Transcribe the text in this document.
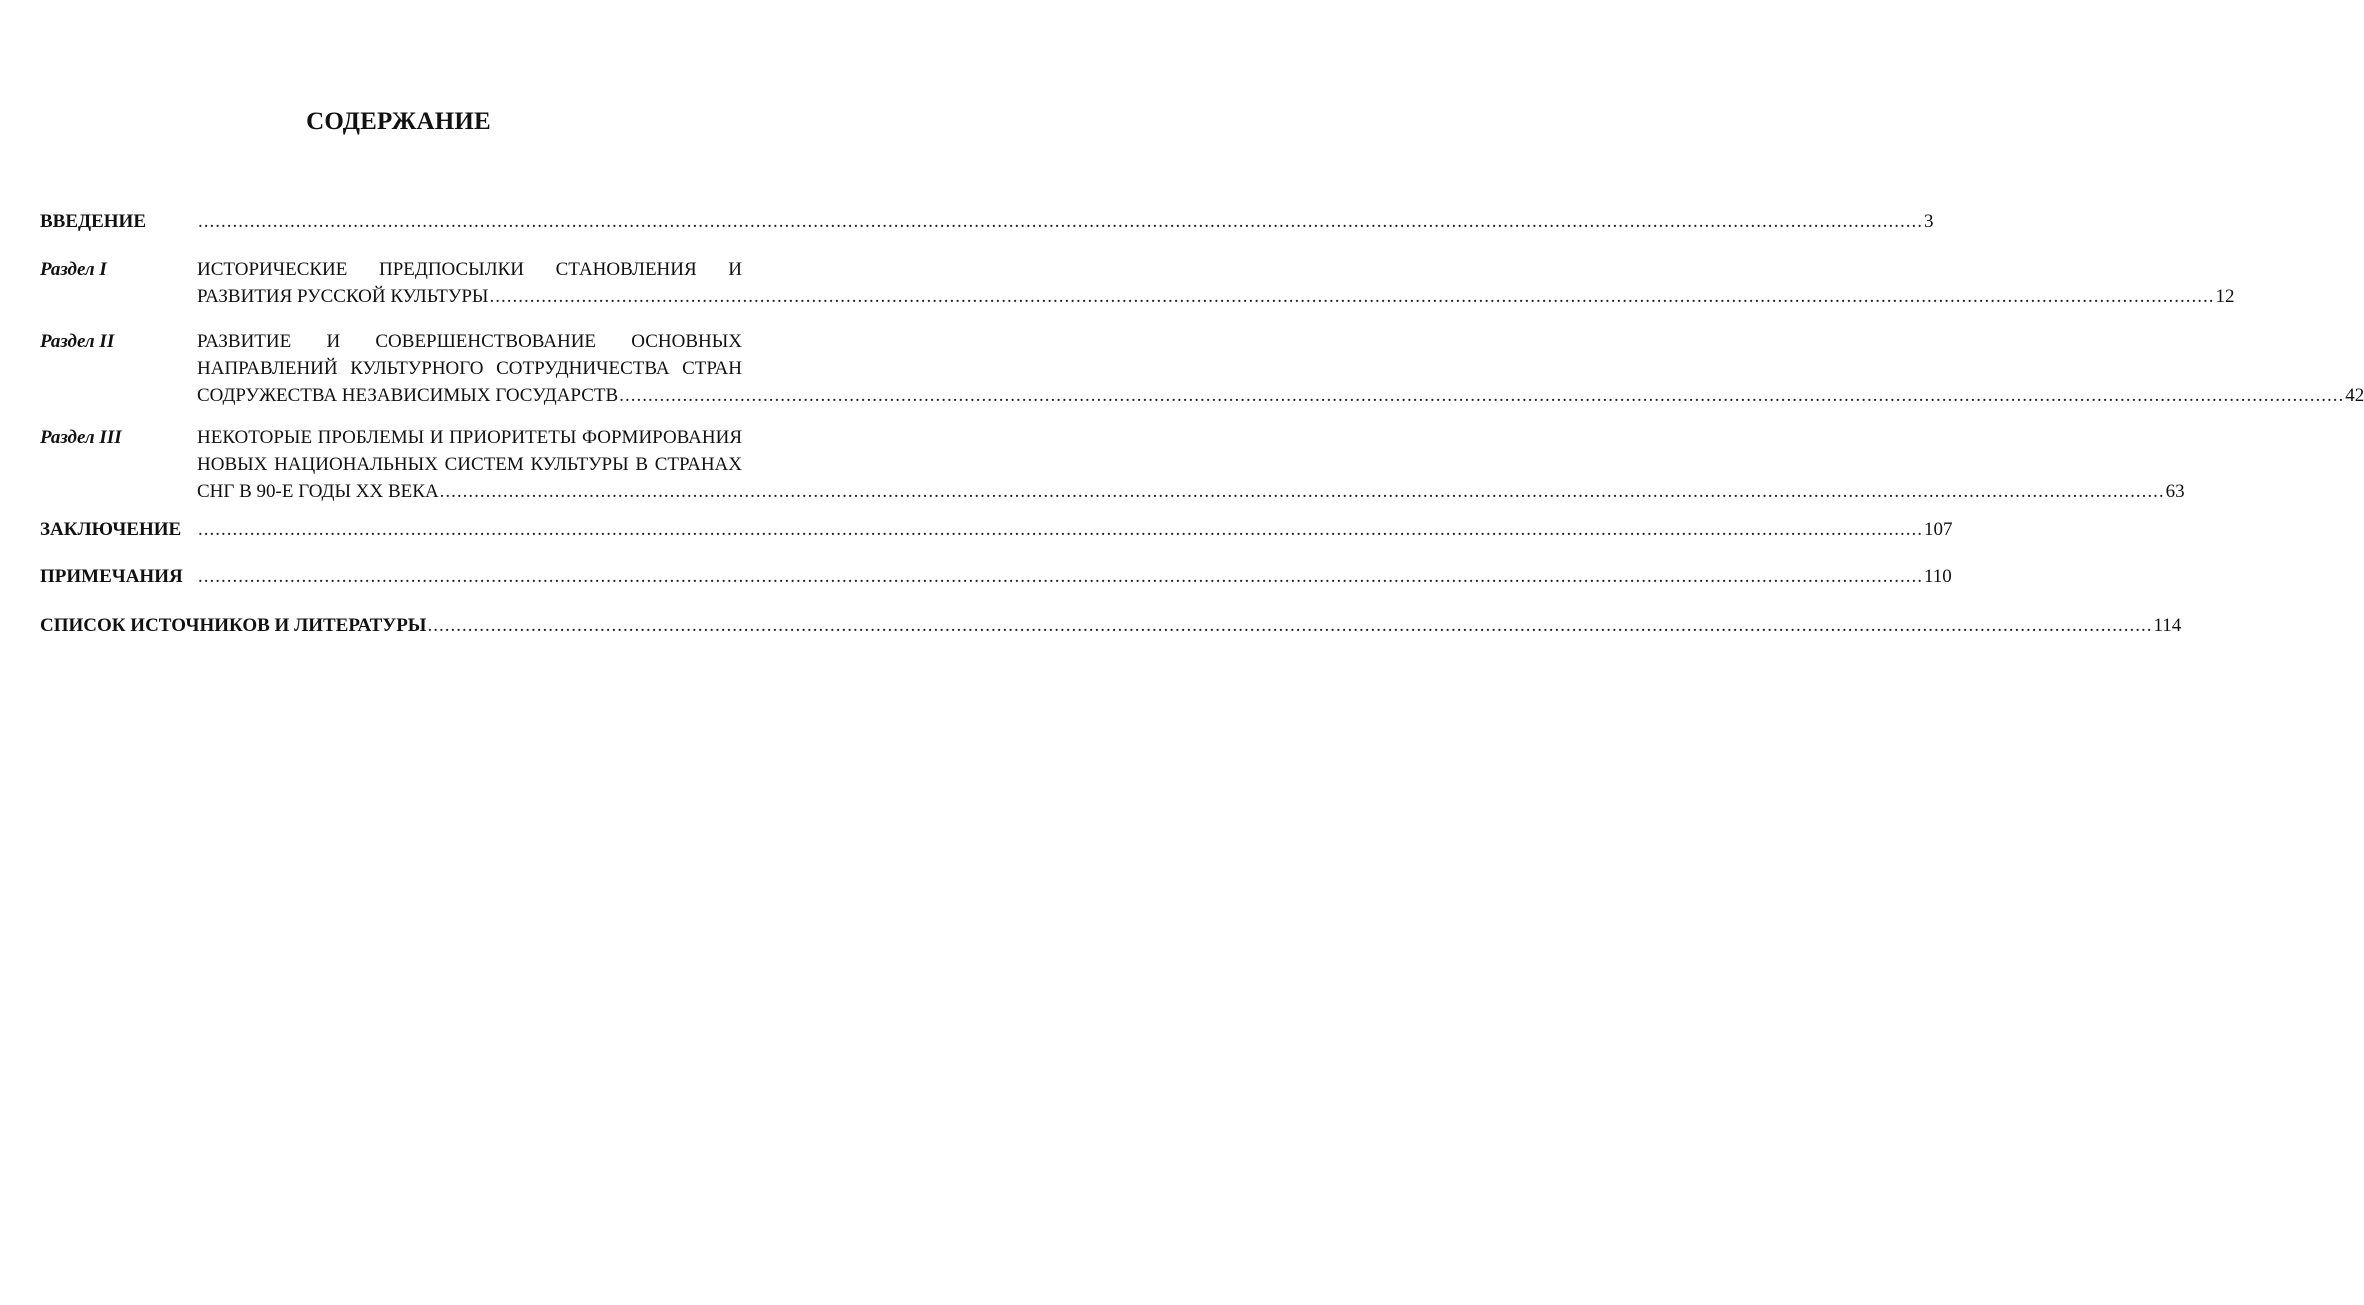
СОДЕРЖАНИЕ
ВВЕДЕНИЕ	............................................................................................................................................................................................................................................................................................................ 3
Раздел I	ИСТОРИЧЕСКИЕ ПРЕДПОСЫЛКИ СТАНОВЛЕНИЯ И
РАЗВИТИЯ РУССКОЙ КУЛЬТУРЫ ............................................................................................................................................................................................................................................................................................................ 12
Раздел II	РАЗВИТИЕ И СОВЕРШЕНСТВОВАНИЕ ОСНОВНЫХ
НАПРАВЛЕНИЙ КУЛЬТУРНОГО СОТРУДНИЧЕСТВА СТРАН
СОДРУЖЕСТВА НЕЗАВИСИМЫХ ГОСУДАРСТВ ............................................................................................................................................................................................................................................................................................................ 42
Раздел III	НЕКОТОРЫЕ ПРОБЛЕМЫ И ПРИОРИТЕТЫ ФОРМИРОВАНИЯ
НОВЫХ НАЦИОНАЛЬНЫХ СИСТЕМ КУЛЬТУРЫ В СТРАНАХ
СНГ В 90-Е ГОДЫ XX ВЕКА ............................................................................................................................................................................................................................................................................................................ 63
ЗАКЛЮЧЕНИЕ ............................................................................................................................................................................................................................................................................................................ 107
ПРИМЕЧАНИЯ ............................................................................................................................................................................................................................................................................................................ 110
СПИСОК ИСТОЧНИКОВ И ЛИТЕРАТУРЫ ............................................................................................................................................................................................................................................................................................................ 114
